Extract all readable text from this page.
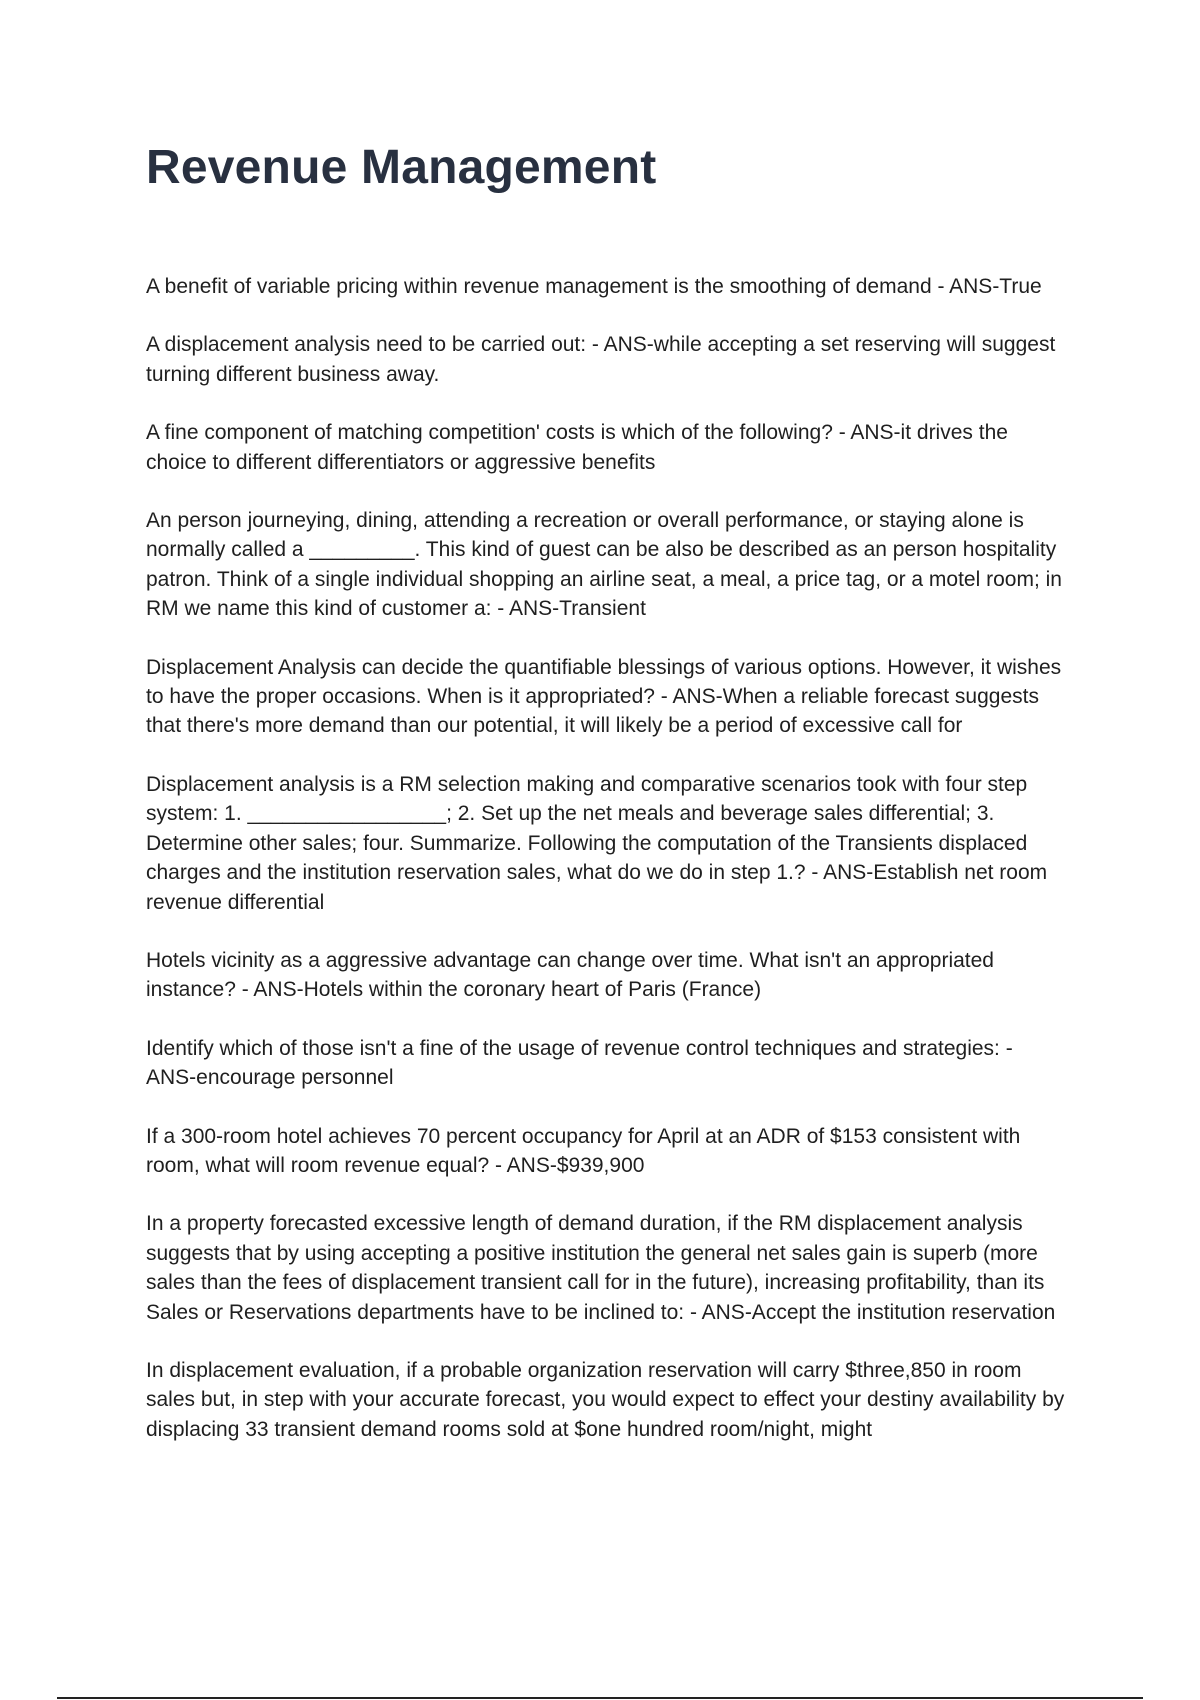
Revenue Management

A benefit of variable pricing within revenue management is the smoothing of demand - ANS-True

A displacement analysis need to be carried out: - ANS-while accepting a set reserving will suggest turning different business away.

A fine component of matching competition' costs is which of the following? - ANS-it drives the choice to different differentiators or aggressive benefits

An person journeying, dining, attending a recreation or overall performance, or staying alone is normally called a _________. This kind of guest can be also be described as an person hospitality patron. Think of a single individual shopping an airline seat, a meal, a price tag, or a motel room; in RM we name this kind of customer a: - ANS-Transient

Displacement Analysis can decide the quantifiable blessings of various options. However, it wishes to have the proper occasions. When is it appropriated? - ANS-When a reliable forecast suggests that there's more demand than our potential, it will likely be a period of excessive call for

Displacement analysis is a RM selection making and comparative scenarios took with four step system: 1. _________________; 2. Set up the net meals and beverage sales differential; 3. Determine other sales; four. Summarize. Following the computation of the Transients displaced charges and the institution reservation sales, what do we do in step 1.? - ANS-Establish net room revenue differential

Hotels vicinity as a aggressive advantage can change over time. What isn't an appropriated instance? - ANS-Hotels within the coronary heart of Paris (France)

Identify which of those isn't a fine of the usage of revenue control techniques and strategies: - ANS-encourage personnel

If a 300-room hotel achieves 70 percent occupancy for April at an ADR of $153 consistent with room, what will room revenue equal? - ANS-$939,900

In a property forecasted excessive length of demand duration, if the RM displacement analysis suggests that by using accepting a positive institution the general net sales gain is superb (more sales than the fees of displacement transient call for in the future), increasing profitability, than its Sales or Reservations departments have to be inclined to: - ANS-Accept the institution reservation

In displacement evaluation, if a probable organization reservation will carry $three,850 in room sales but, in step with your accurate forecast, you would expect to effect your destiny availability by displacing 33 transient demand rooms sold at $one hundred room/night, might
